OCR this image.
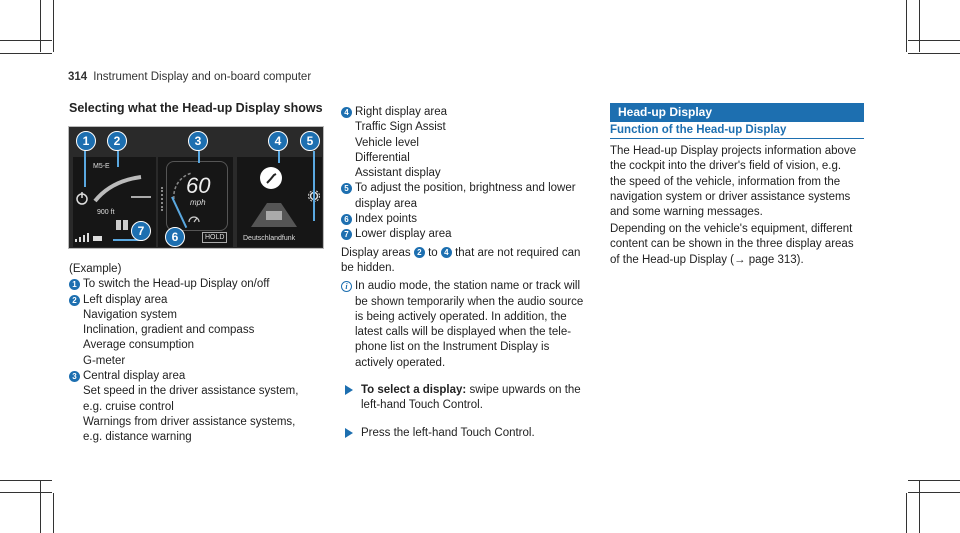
314 Instrument Display and on-board computer
Selecting what the Head-up Display shows
M5-E
900 ft
60
mph
HOLD	Deutschlandfunk
1	2	3	4	5
6
7
(Example)
1 To switch the Head-up Display on/off
2 Left display area
Navigation system
Inclination, gradient and compass
Average consumption
G-meter
3 Central display area
Set speed in the driver assistance system,
e.g. cruise control
Warnings from driver assistance systems,
e.g. distance warning
4 Right display area
Traffic Sign Assist
Vehicle level
Differential
Assistant display
5 To adjust the position, brightness and lower
display area
6 Index points
7 Lower display area
Display areas 2 to 4 that are not required can
be hidden.
i In audio mode, the station name or track will
be shown temporarily when the audio source
is being actively operated. In addition, the
latest calls will be displayed when the tele-
phone list on the Instrument Display is
actively operated.
To select a display: swipe upwards on the
left-hand Touch Control.
Press the left-hand Touch Control.
Head-up Display
Function of the Head-up Display
The Head-up Display projects information above
the cockpit into the driver's field of vision, e.g.
the speed of the vehicle, information from the
navigation system or driver assistance systems
and some warning messages.
Depending on the vehicle's equipment, different
content can be shown in the three display areas
of the Head-up Display (→ page 313).
